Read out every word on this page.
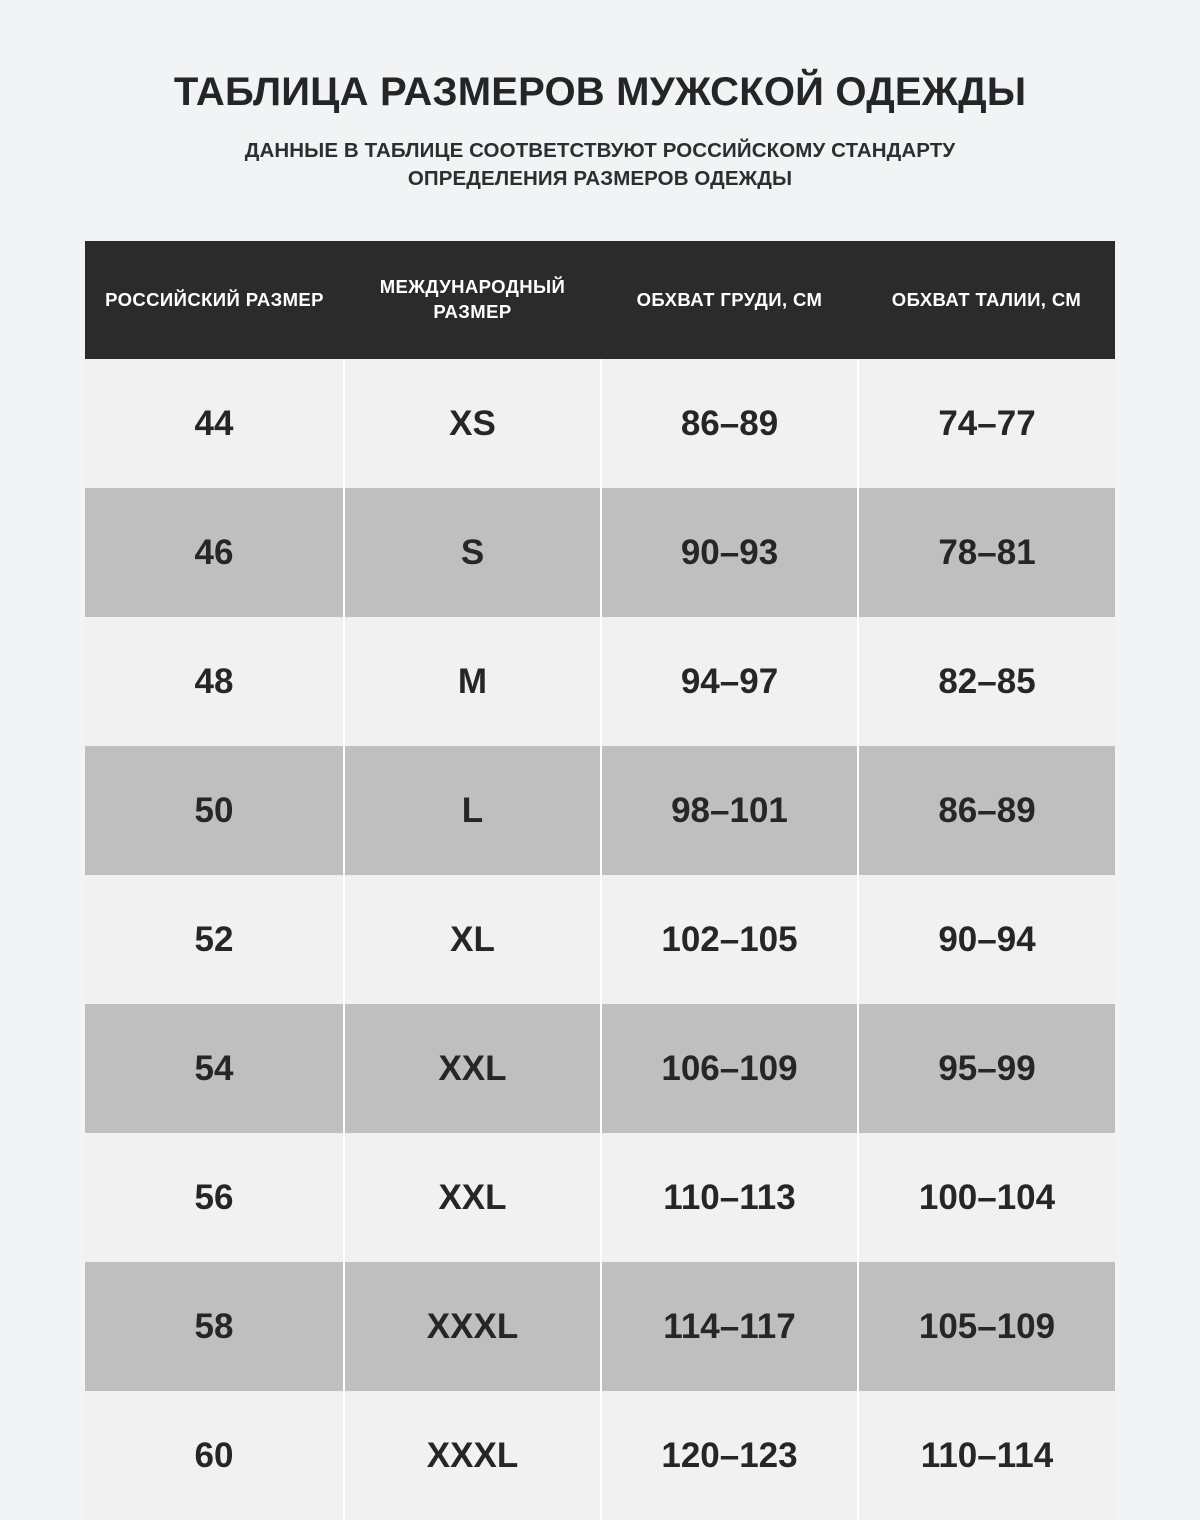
ТАБЛИЦА РАЗМЕРОВ МУЖСКОЙ ОДЕЖДЫ

ДАННЫЕ В ТАБЛИЦЕ СООТВЕТСТВУЮТ РОССИЙСКОМУ СТАНДАРТУ ОПРЕДЕЛЕНИЯ РАЗМЕРОВ ОДЕЖДЫ

РОССИЙСКИЙ РАЗМЕР	МЕЖДУНАРОДНЫЙ РАЗМЕР	ОБХВАТ ГРУДИ, СМ	ОБХВАТ ТАЛИИ, СМ
44	XS	86–89	74–77
46	S	90–93	78–81
48	M	94–97	82–85
50	L	98–101	86–89
52	XL	102–105	90–94
54	XXL	106–109	95–99
56	XXL	110–113	100–104
58	XXXL	114–117	105–109
60	XXXL	120–123	110–114
